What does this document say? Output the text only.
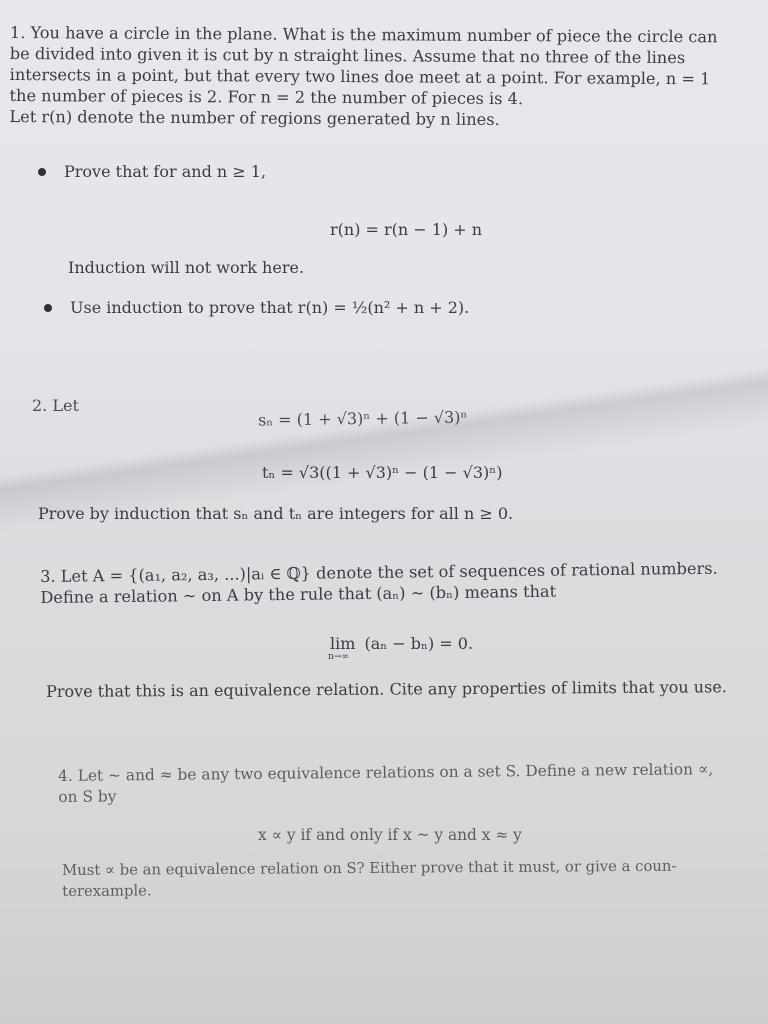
1. You have a circle in the plane. What is the maximum number of piece the circle can
be divided into given it is cut by n straight lines. Assume that no three of the lines
intersects in a point, but that every two lines doe meet at a point. For example, n = 1
the number of pieces is 2. For n = 2 the number of pieces is 4.
Let r(n) denote the number of regions generated by n lines.
Prove that for and n ≥ 1,
r(n) = r(n − 1) + n
Induction will not work here.
Use induction to prove that r(n) = ½(n² + n + 2).
2. Let
sₙ = (1 + √3)ⁿ + (1 − √3)ⁿ
tₙ = √3((1 + √3)ⁿ − (1 − √3)ⁿ)
Prove by induction that sₙ and tₙ are integers for all n ≥ 0.
3. Let A = {(a₁, a₂, a₃, ...)|aᵢ ∈ ℚ} denote the set of sequences of rational numbers.
Define a relation ~ on A by the rule that (aₙ) ~ (bₙ) means that
lim
n→∞
(aₙ − bₙ) = 0.
Prove that this is an equivalence relation. Cite any properties of limits that you use.
4. Let ~ and ≈ be any two equivalence relations on a set S. Define a new relation ∝,
on S by
x ∝ y if and only if x ~ y and x ≈ y
Must ∝ be an equivalence relation on S? Either prove that it must, or give a coun-
terexample.
